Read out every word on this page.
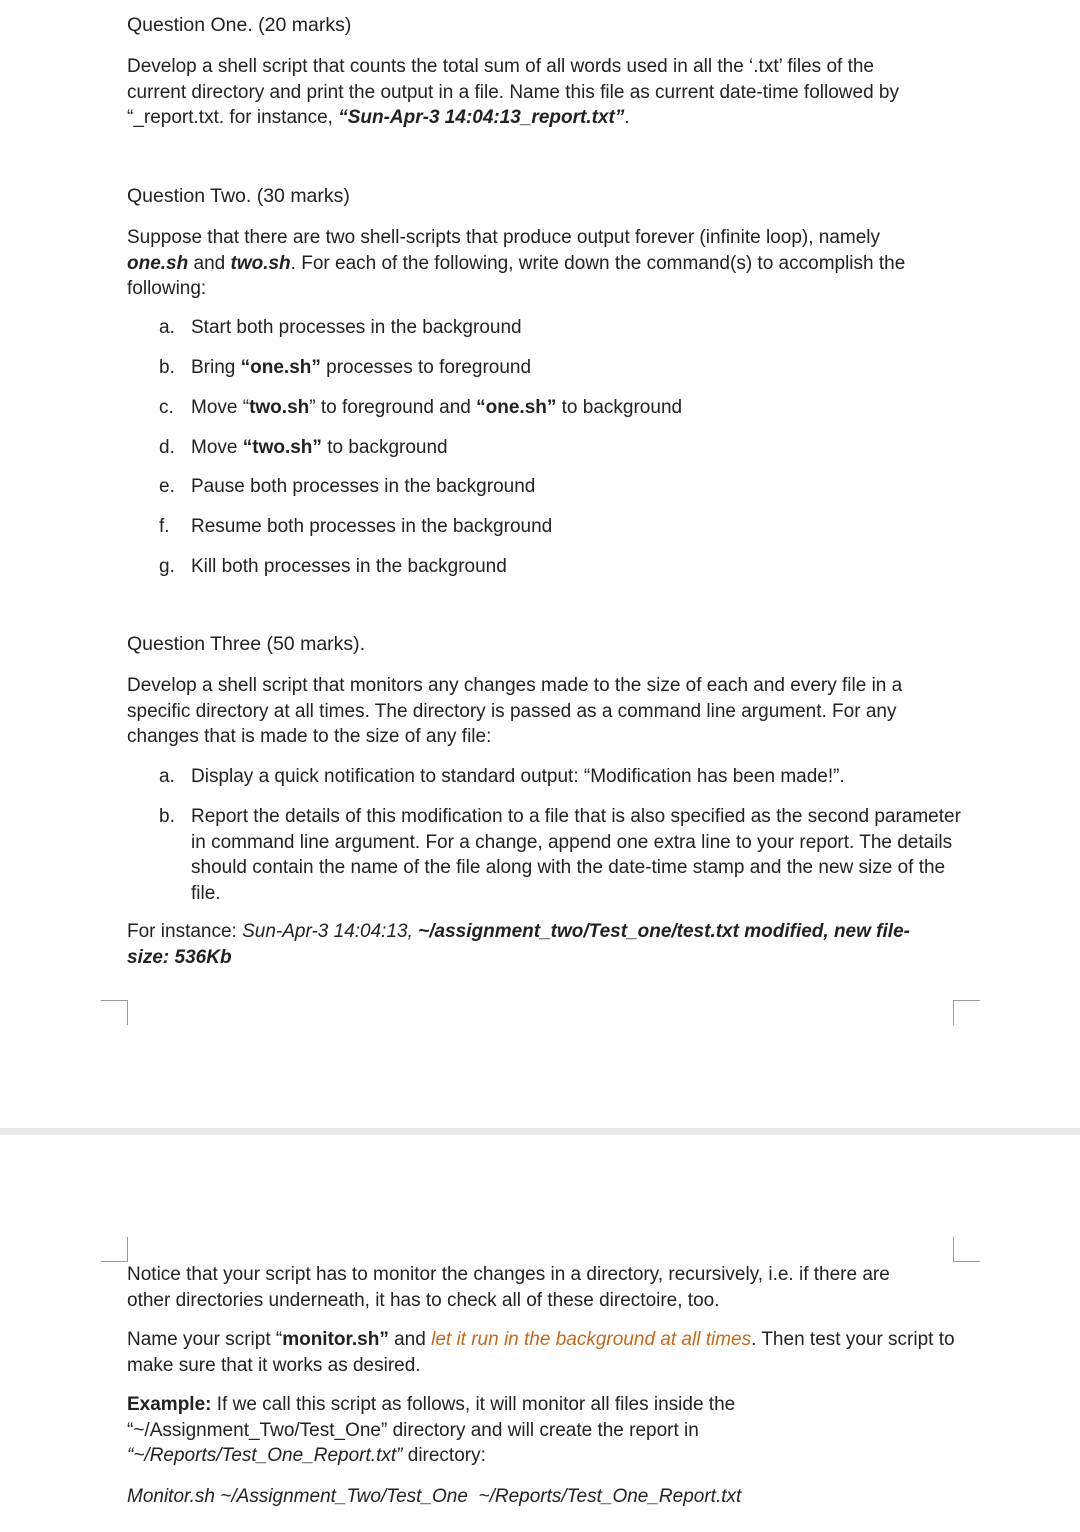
Question One. (20 marks)
Develop a shell script that counts the total sum of all words used in all the ‘.txt’ files of the current directory and print the output in a file. Name this file as current date-time followed by “_report.txt. for instance, “Sun-Apr-3 14:04:13_report.txt”.
Question Two. (30 marks)
Suppose that there are two shell-scripts that produce output forever (infinite loop), namely one.sh and two.sh. For each of the following, write down the command(s) to accomplish the following:
a. Start both processes in the background
b. Bring “one.sh” processes to foreground
c. Move “two.sh” to foreground and “one.sh” to background
d. Move “two.sh” to background
e. Pause both processes in the background
f.	Resume both processes in the background
g. Kill both processes in the background
Question Three (50 marks).
Develop a shell script that monitors any changes made to the size of each and every file in a specific directory at all times. The directory is passed as a command line argument. For any changes that is made to the size of any file:
a. Display a quick notification to standard output: “Modification has been made!”.
b. Report the details of this modification to a file that is also specified as the second parameter in command line argument. For a change, append one extra line to your report. The details should contain the name of the file along with the date-time stamp and the new size of the file.
For instance: Sun-Apr-3 14:04:13, ~/assignment_two/Test_one/test.txt modified, new file-size: 536Kb
Notice that your script has to monitor the changes in a directory, recursively, i.e. if there are other directories underneath, it has to check all of these directoire, too.
Name your script “monitor.sh” and let it run in the background at all times. Then test your script to make sure that it works as desired.
Example: If we call this script as follows, it will monitor all files inside the “~/Assignment_Two/Test_One” directory and will create the report in “~/Reports/Test_One_Report.txt” directory:
Monitor.sh ~/Assignment_Two/Test_One  ~/Reports/Test_One_Report.txt
